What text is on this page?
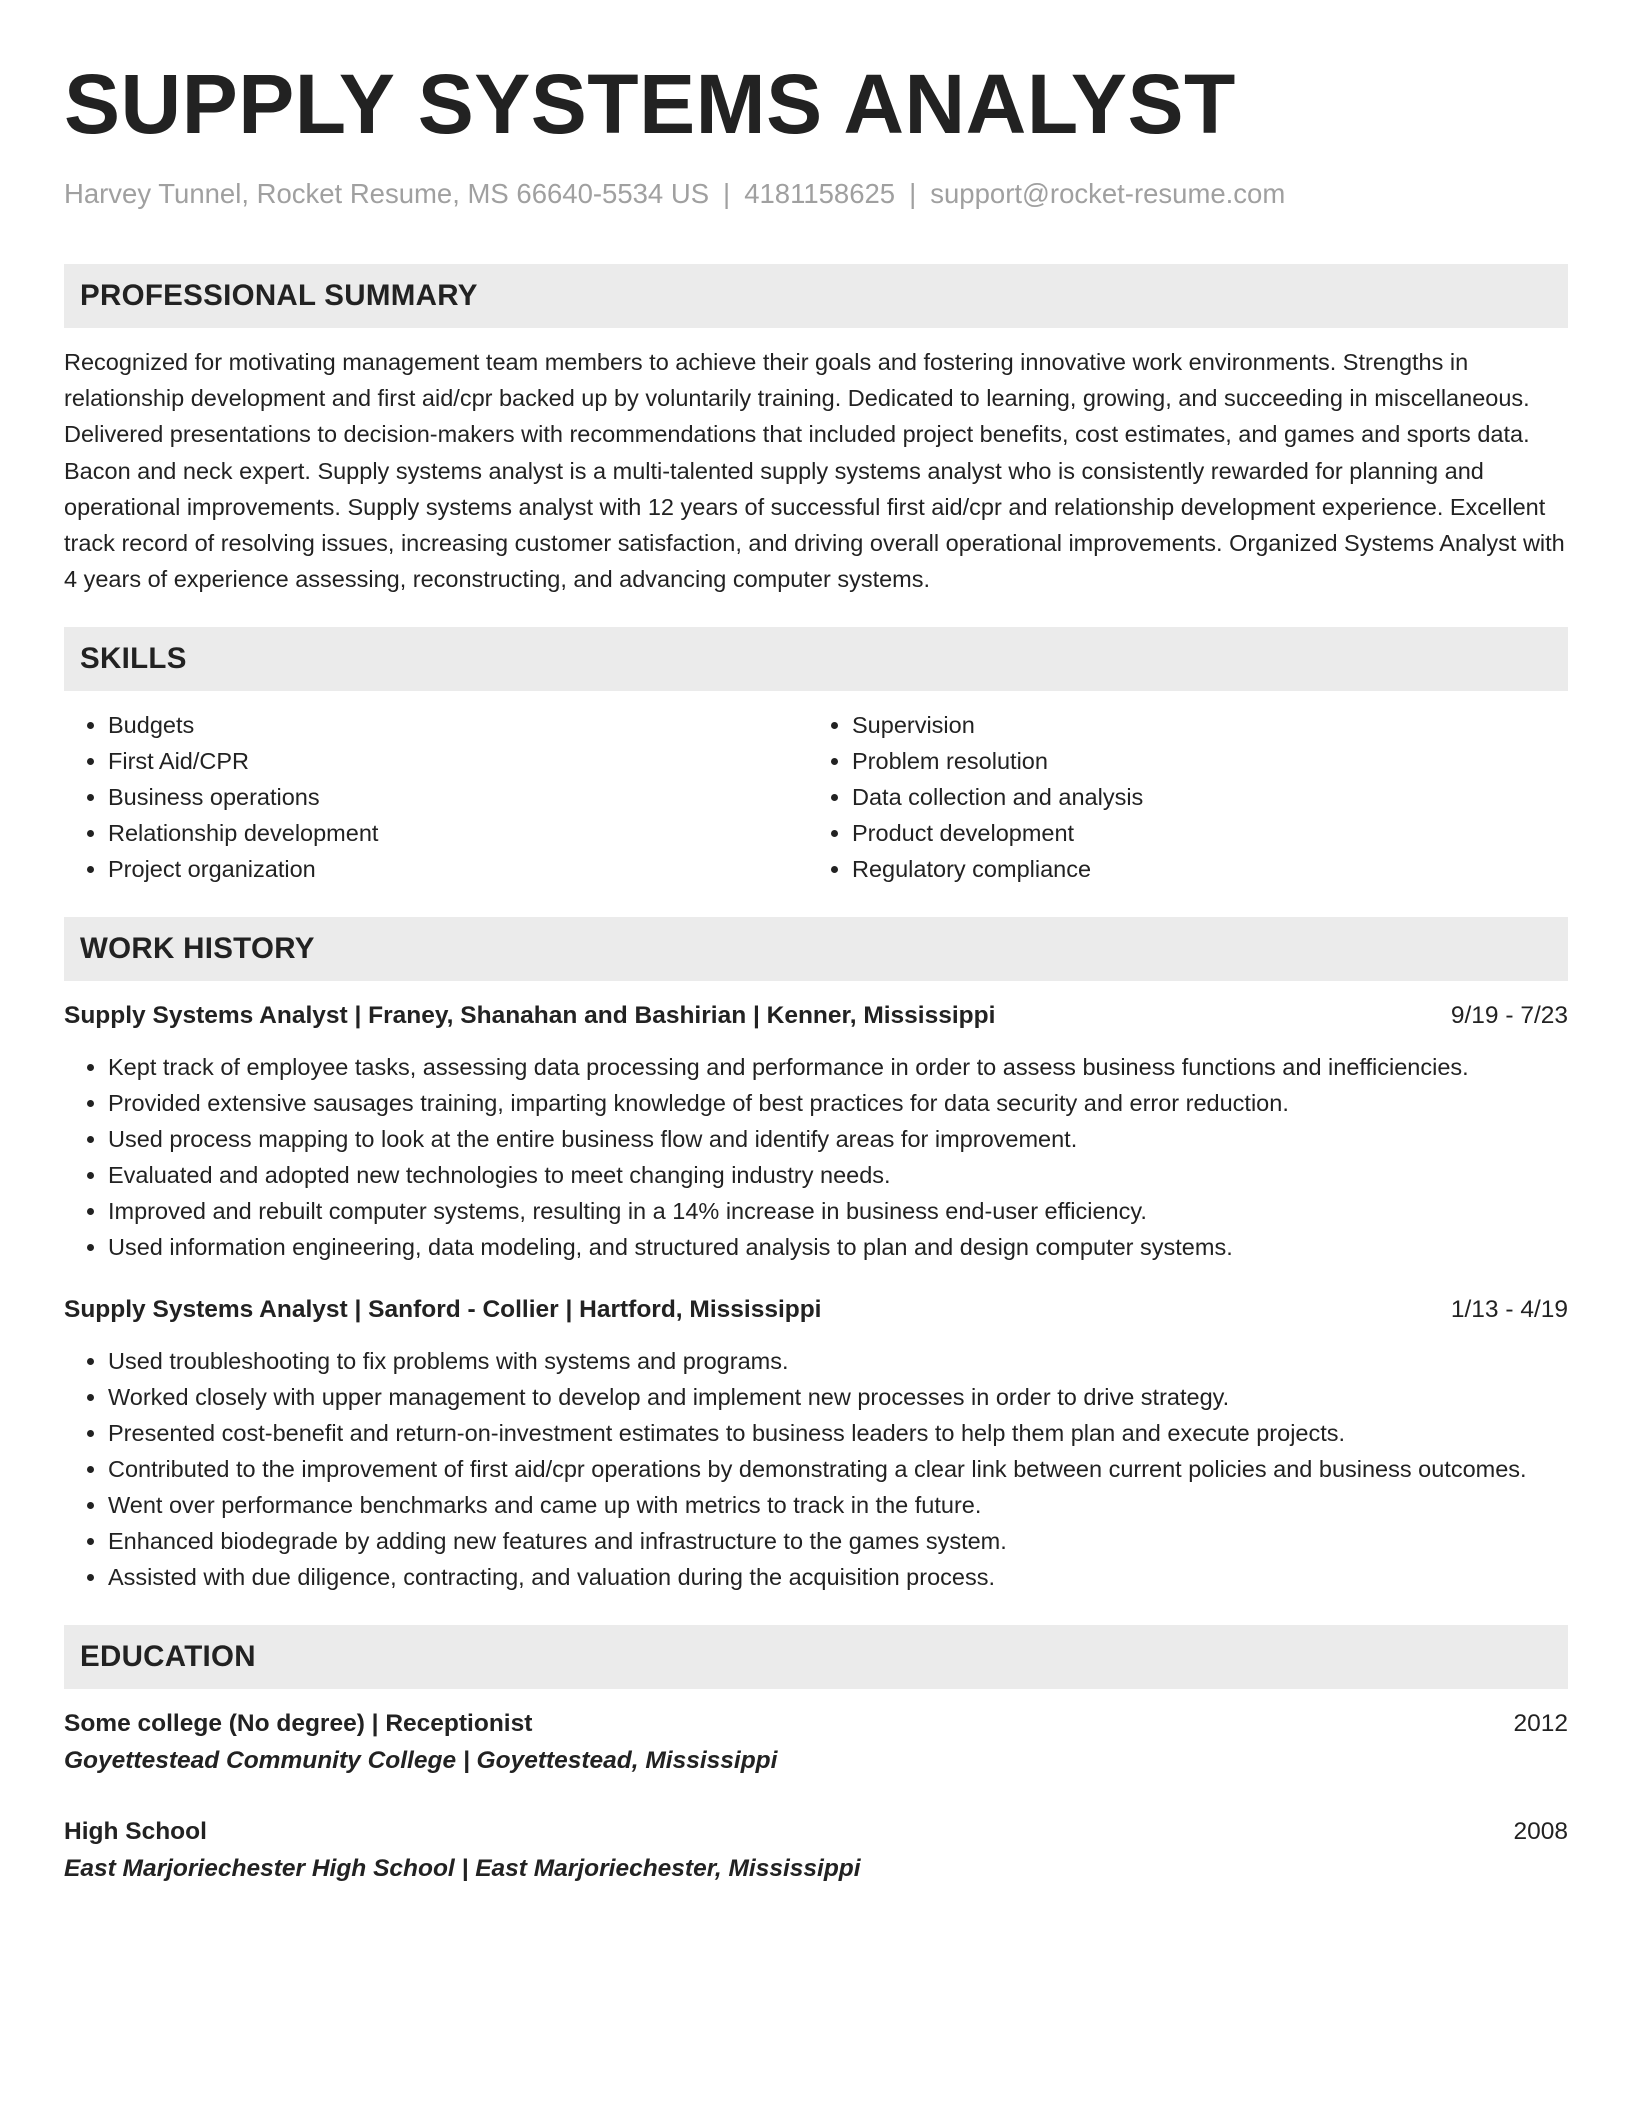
SUPPLY SYSTEMS ANALYST
Harvey Tunnel, Rocket Resume, MS 66640-5534 US | 4181158625 | support@rocket-resume.com
PROFESSIONAL SUMMARY

Recognized for motivating management team members to achieve their goals and fostering innovative work environments. Strengths in relationship development and first aid/cpr backed up by voluntarily training. Dedicated to learning, growing, and succeeding in miscellaneous. Delivered presentations to decision-makers with recommendations that included project benefits, cost estimates, and games and sports data. Bacon and neck expert. Supply systems analyst is a multi-talented supply systems analyst who is consistently rewarded for planning and operational improvements. Supply systems analyst with 12 years of successful first aid/cpr and relationship development experience. Excellent track record of resolving issues, increasing customer satisfaction, and driving overall operational improvements. Organized Systems Analyst with 4 years of experience assessing, reconstructing, and advancing computer systems.

SKILLS
• Budgets
• First Aid/CPR
• Business operations
• Relationship development
• Project organization
• Supervision
• Problem resolution
• Data collection and analysis
• Product development
• Regulatory compliance
WORK HISTORY
Supply Systems Analyst | Franey, Shanahan and Bashirian | Kenner, Mississippi	9/19 - 7/23
• Kept track of employee tasks, assessing data processing and performance in order to assess business functions and inefficiencies.
• Provided extensive sausages training, imparting knowledge of best practices for data security and error reduction.
• Used process mapping to look at the entire business flow and identify areas for improvement.
• Evaluated and adopted new technologies to meet changing industry needs.
• Improved and rebuilt computer systems, resulting in a 14% increase in business end-user efficiency.
• Used information engineering, data modeling, and structured analysis to plan and design computer systems.
Supply Systems Analyst | Sanford - Collier | Hartford, Mississippi	1/13 - 4/19
• Used troubleshooting to fix problems with systems and programs.
• Worked closely with upper management to develop and implement new processes in order to drive strategy.
• Presented cost-benefit and return-on-investment estimates to business leaders to help them plan and execute projects.
• Contributed to the improvement of first aid/cpr operations by demonstrating a clear link between current policies and business outcomes.
• Went over performance benchmarks and came up with metrics to track in the future.
• Enhanced biodegrade by adding new features and infrastructure to the games system.
• Assisted with due diligence, contracting, and valuation during the acquisition process.
EDUCATION
Some college (No degree) | Receptionist	2012
Goyettestead Community College | Goyettestead, Mississippi
High School	2008
East Marjoriechester High School | East Marjoriechester, Mississippi
